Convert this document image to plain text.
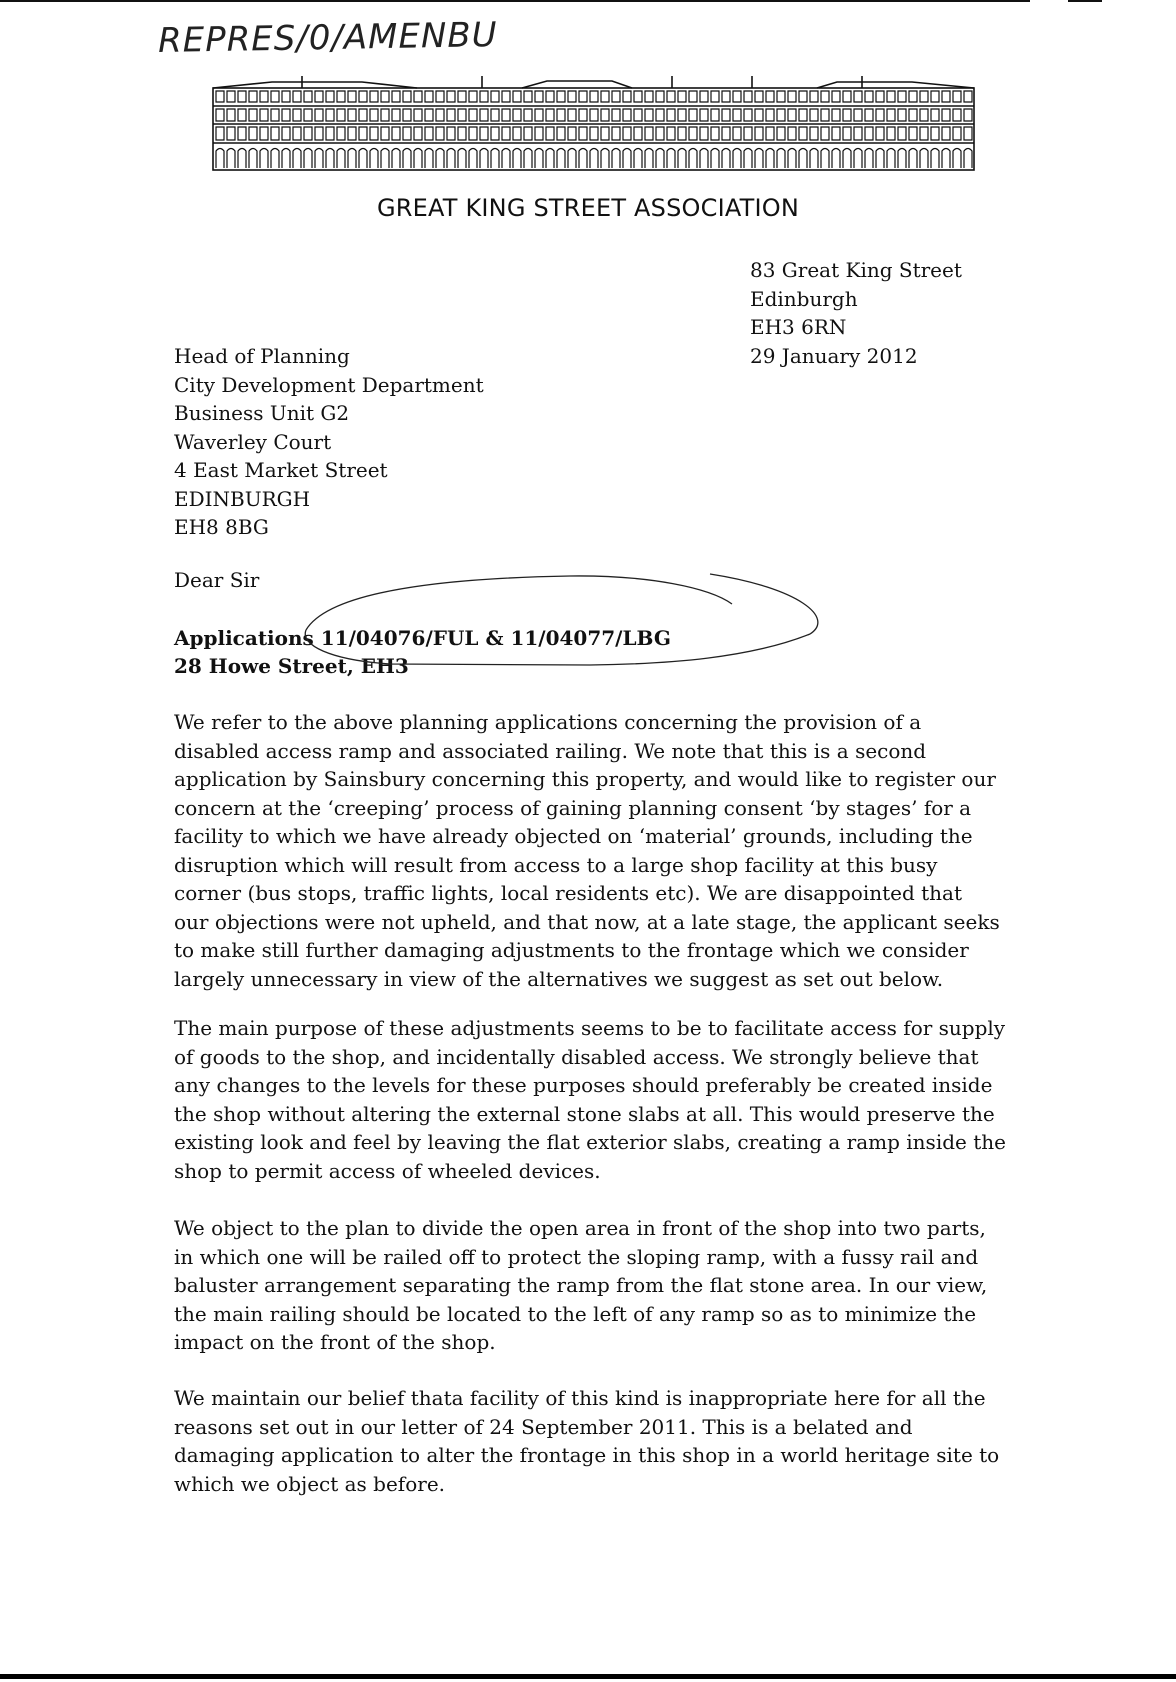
REPRES/0/AMENBU
GREAT KING STREET ASSOCIATION
83 Great King Street
Edinburgh
EH3 6RN
29 January 2012
Head of Planning
City Development Department
Business Unit G2
Waverley Court
4 East Market Street
EDINBURGH
EH8 8BG
Dear Sir
Applications 11/04076/FUL & 11/04077/LBG
28 Howe Street, EH3
We refer to the above planning applications concerning the provision of a
disabled access ramp and associated railing. We note that this is a second
application by Sainsbury concerning this property, and would like to register our
concern at the ‘creeping’ process of gaining planning consent ‘by stages’ for a
facility to which we have already objected on ‘material’ grounds, including the
disruption which will result from access to a large shop facility at this busy
corner (bus stops, traffic lights, local residents etc). We are disappointed that
our objections were not upheld, and that now, at a late stage, the applicant seeks
to make still further damaging adjustments to the frontage which we consider
largely unnecessary in view of the alternatives we suggest as set out below.
The main purpose of these adjustments seems to be to facilitate access for supply
of goods to the shop, and incidentally disabled access. We strongly believe that
any changes to the levels for these purposes should preferably be created inside
the shop without altering the external stone slabs at all. This would preserve the
existing look and feel by leaving the flat exterior slabs, creating a ramp inside the
shop to permit access of wheeled devices.
We object to the plan to divide the open area in front of the shop into two parts,
in which one will be railed off to protect the sloping ramp, with a fussy rail and
baluster arrangement separating the ramp from the flat stone area. In our view,
the main railing should be located to the left of any ramp so as to minimize the
impact on the front of the shop.
We maintain our belief thata facility of this kind is inappropriate here for all the
reasons set out in our letter of 24 September 2011. This is a belated and
damaging application to alter the frontage in this shop in a world heritage site to
which we object as before.
